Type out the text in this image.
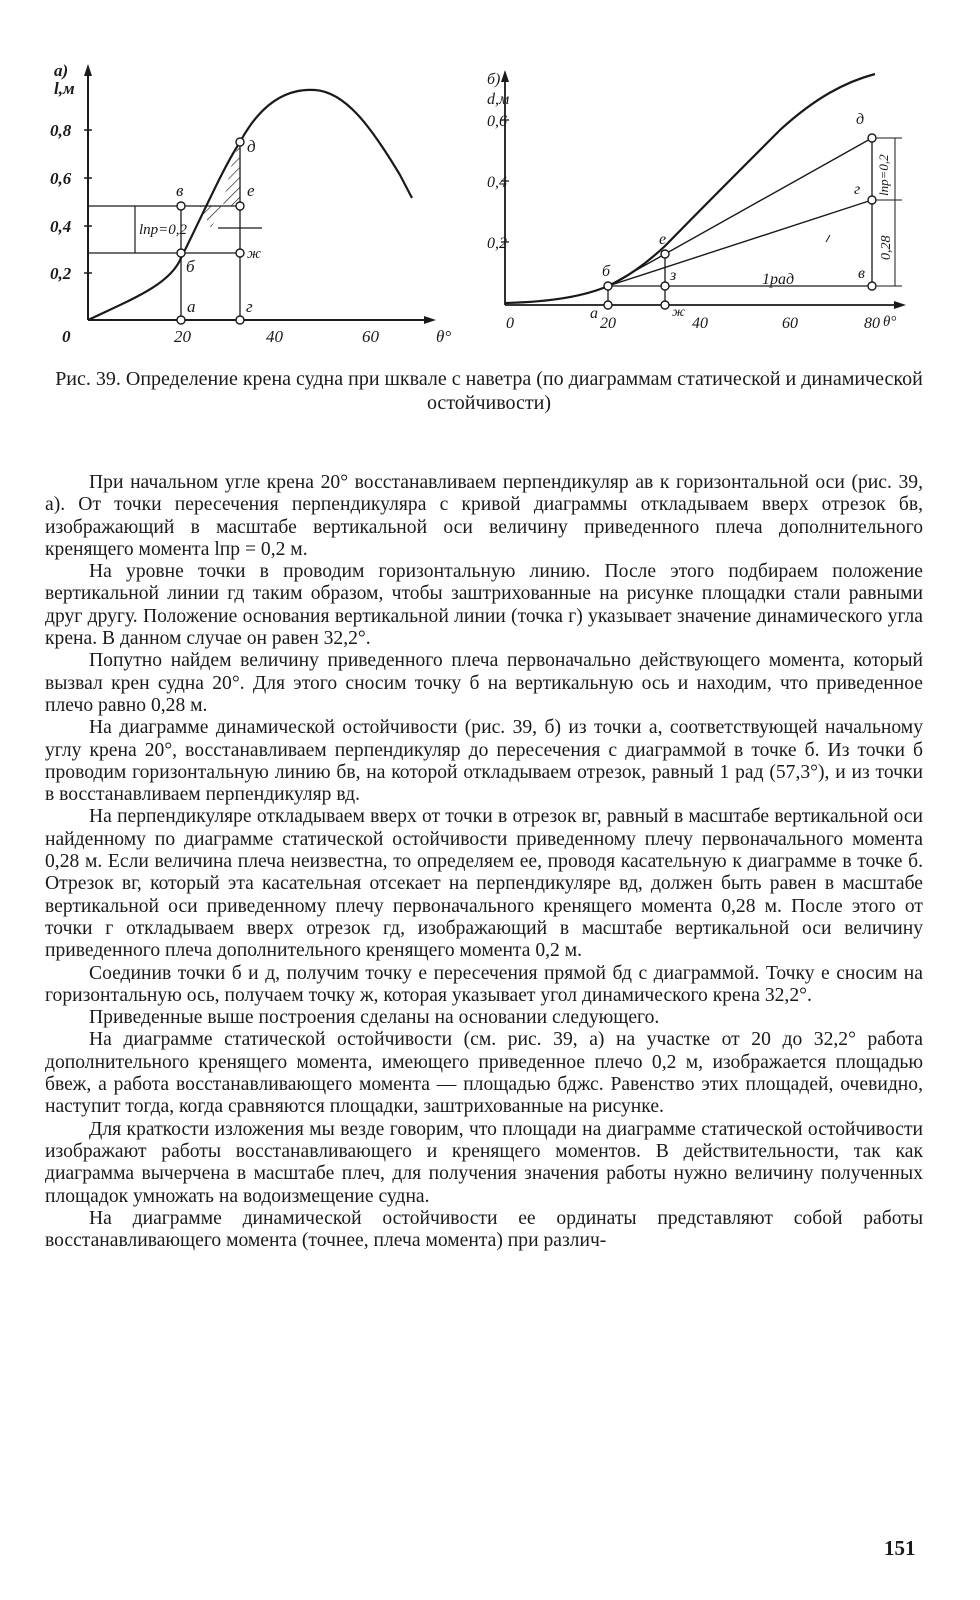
а)
l,м
0,8
0,6
0,4
0,2
0	20	40	60	θ°
а
б
в
г
д
е
ж
lпр=0,2
б)
d,м
0,6
0,4
0,2
0	20	40	60	80 θ°
а
б	в
г
д
е
ж
з	1рад
lпр=0,2
0,28
Рис. 39. Определение крена судна при шквале с наветра (по диаграммам статической и динамической остойчивости)

При начальном угле крена 20° восстанавливаем перпендикуляр ав к горизонтальной оси (рис. 39, а). От точки пересечения перпендикуляра с кривой диаграммы откладываем вверх отрезок бв, изображающий в масштабе вертикальной оси величину приведенного плеча дополнительного кренящего момента lпр = 0,2 м.

На уровне точки в проводим горизонтальную линию. После этого подбираем положение вертикальной линии гд таким образом, чтобы заштрихованные на рисунке площадки стали равными друг другу. Положение основания вертикальной линии (точка г) указывает значение динамического угла крена. В данном случае он равен 32,2°.

Попутно найдем величину приведенного плеча первоначально действующего момента, который вызвал крен судна 20°. Для этого сносим точку б на вертикальную ось и находим, что приведенное плечо равно 0,28 м.

На диаграмме динамической остойчивости (рис. 39, б) из точки а, соответствующей начальному углу крена 20°, восстанавливаем перпендикуляр до пересечения с диаграммой в точке б. Из точки б проводим горизонтальную линию бв, на которой откладываем отрезок, равный 1 рад (57,3°), и из точки в восстанавливаем перпендикуляр вд.

На перпендикуляре откладываем вверх от точки в отрезок вг, равный в масштабе вертикальной оси найденному по диаграмме статической остойчивости приведенному плечу первоначального момента 0,28 м. Если величина плеча неизвестна, то определяем ее, проводя касательную к диаграмме в точке б. Отрезок вг, который эта касательная отсекает на перпендикуляре вд, должен быть равен в масштабе вертикальной оси приведенному плечу первоначального кренящего момента 0,28 м. После этого от точки г откладываем вверх отрезок гд, изображающий в масштабе вертикальной оси величину приведенного плеча дополнительного кренящего момента 0,2 м.

Соединив точки б и д, получим точку е пересечения прямой бд с диаграммой. Точку е сносим на горизонтальную ось, получаем точку ж, которая указывает угол динамического крена 32,2°.

Приведенные выше построения сделаны на основании следующего.

На диаграмме статической остойчивости (см. рис. 39, а) на участке от 20 до 32,2° работа дополнительного кренящего момента, имеющего приведенное плечо 0,2 м, изображается площадью бвеж, а работа восстанавливающего момента — площадью бджс. Равенство этих площадей, очевидно, наступит тогда, когда сравняются площадки, заштрихованные на рисунке.

Для краткости изложения мы везде говорим, что площади на диаграмме статической остойчивости изображают работы восстанавливающего и кренящего моментов. В действительности, так как диаграмма вычерчена в масштабе плеч, для получения значения работы нужно величину полученных площадок умножать на водоизмещение судна.

На диаграмме динамической остойчивости ее ординаты представляют собой работы восстанавливающего момента (точнее, плеча момента) при различ-

151
